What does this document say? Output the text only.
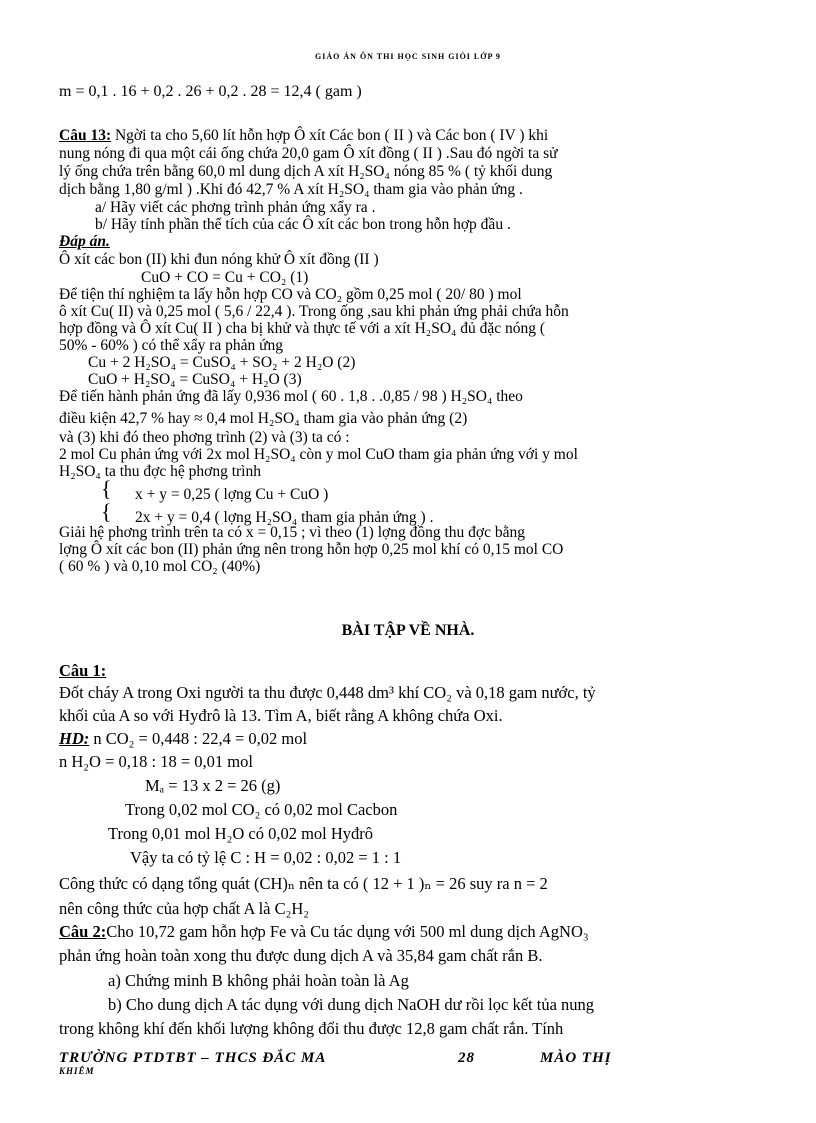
GIÁO ÁN ÔN THI HỌC SINH GIỎI LỚP 9
m = 0,1 . 16 + 0,2 . 26 + 0,2 . 28 = 12,4 ( gam )
Câu 13: Ngời ta cho 5,60 lít hỗn hợp Ô xít Các bon ( II ) và Các bon ( IV ) khi
nung nóng đi qua một cái ống chứa 20,0 gam Ô xít đồng ( II ) .Sau đó ngời ta sử
lý ống chứa trên bằng 60,0 ml dung dịch A xít H₂SO₄ nóng 85 % ( tỷ khối dung
dịch bằng 1,80 g/ml ) .Khi đó 42,7 % A xít H₂SO₄ tham gia vào phản ứng .
a/ Hãy viết các phơng trình phản ứng xẩy ra .
b/ Hãy tính phần thể tích của các Ô xít các bon trong hỗn hợp đầu .
Đáp án.
Ô xít các bon (II) khi đun nóng khử Ô xít đồng (II )
CuO + CO = Cu + CO₂ (1)
Để tiện thí nghiệm ta lấy hỗn hợp CO và CO₂ gồm 0,25 mol ( 20/ 80 ) mol
ô xít Cu( II) và 0,25 mol ( 5,6 / 22,4 ). Trong ống ,sau khi phản ứng phải chứa hỗn
hợp đồng và Ô xít Cu( II ) cha bị khử và thực tế với a xít H₂SO₄ đủ đặc nóng (
50% - 60% ) có thể xẩy ra phản ứng
Cu + 2 H₂SO₄ = CuSO₄ + SO₂ + 2 H₂O (2)
CuO + H₂SO₄ = CuSO₄ + H₂O (3)
Để tiến hành phản ứng đã lấy 0,936 mol ( 60 . 1,8 . .0,85 / 98 ) H₂SO₄ theo
điều kiện 42,7 % hay ≈ 0,4 mol H₂SO₄ tham gia vào phản ứng (2)
và (3) khi đó theo phơng trình (2) và (3) ta có :
2 mol Cu phản ứng với 2x mol H₂SO₄ còn y mol CuO tham gia phản ứng với y mol
H₂SO₄ ta thu đợc hệ phơng trình
{ x + y = 0,25 ( lợng Cu + CuO )
{ 2x + y = 0,4 ( lợng H₂SO₄ tham gia phản ứng ) .
Giải hệ phơng trình trên ta có x = 0,15 ; vì theo (1) lợng đồng thu đợc bằng
lợng Ô xít các bon (II) phản ứng nên trong hỗn hợp 0,25 mol khí có 0,15 mol CO
( 60 % ) và 0,10 mol CO₂ (40%)
BÀI TẬP VỀ NHÀ.
Câu 1:
Đốt cháy A trong Oxi người ta thu được 0,448 dm³ khí CO₂ và 0,18 gam nước, tỷ
khối của A so với Hyđrô là 13. Tìm A, biết rằng A không chứa Oxi.
HD: n CO₂ = 0,448 : 22,4 = 0,02 mol
n H₂O = 0,18 : 18 = 0,01 mol
Mₐ = 13 x 2 = 26 (g)
Trong 0,02 mol CO₂ có 0,02 mol Cacbon
Trong 0,01 mol H₂O có 0,02 mol Hyđrô
Vậy ta có tỷ lệ C : H = 0,02 : 0,02 = 1 : 1
Công thức có dạng tổng quát (CH)ₙ nên ta có ( 12 + 1 )ₙ = 26 suy ra n = 2
nên công thức của hợp chất A là C₂H₂
Câu 2:Cho 10,72 gam hỗn hợp Fe và Cu tác dụng với 500 ml dung dịch AgNO₃
phản ứng hoàn toàn xong thu được dung dịch A và 35,84 gam chất rắn B.
a) Chứng minh B không phải hoàn toàn là Ag
b) Cho dung dịch A tác dụng với dung dịch NaOH dư rồi lọc kết tủa nung
trong không khí đến khối lượng không đổi thu được 12,8 gam chất rắn. Tính
TRƯỜNG PTDTBT – THCS ĐẮC MA	28	MÀO THỊ
KHIÊM
